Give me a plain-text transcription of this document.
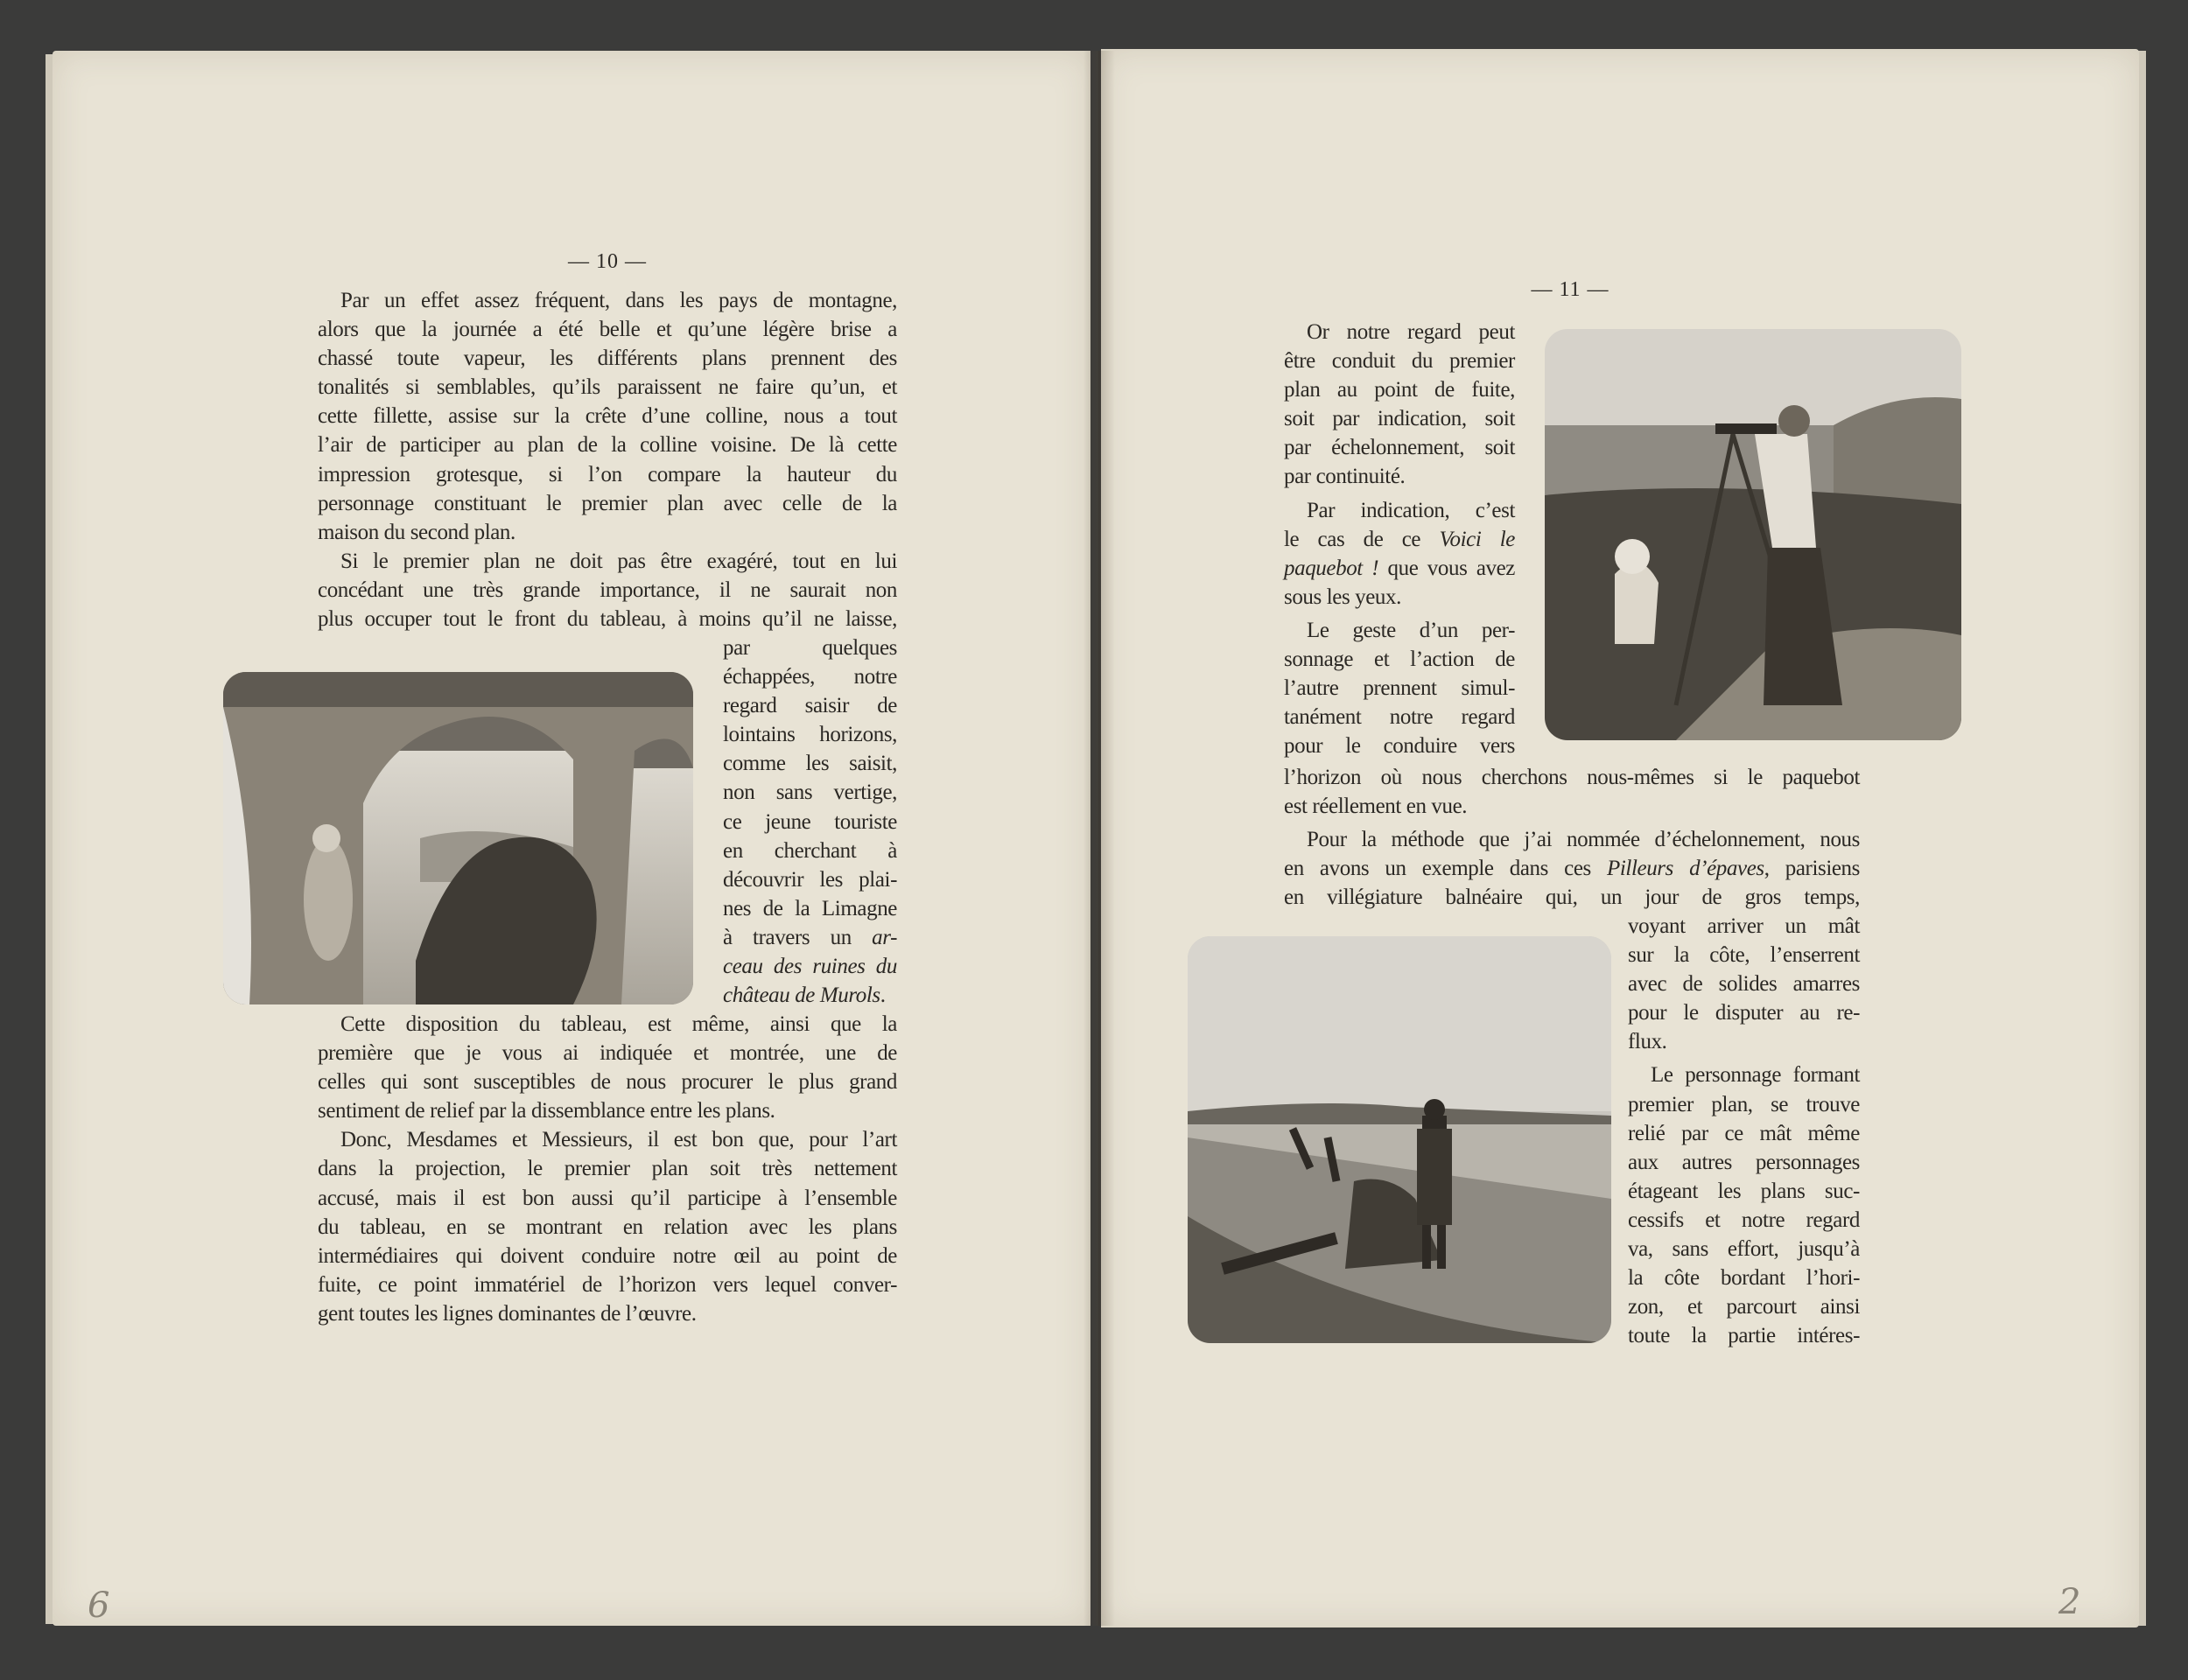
— 10 —
Par un effet assez fréquent, dans les pays de montagne,
alors que la journée a été belle et qu’une légère brise a
chassé toute vapeur, les différents plans prennent des
tonalités si semblables, qu’ils paraissent ne faire qu’un, et
cette fillette, assise sur la crête d’une colline, nous a tout
l’air de participer au plan de la colline voisine. De là cette
impression grotesque, si l’on compare la hauteur du
personnage constituant le premier plan avec celle de la
maison du second plan.
Si le premier plan ne doit pas être exagéré, tout en lui
concédant une très grande importance, il ne saurait non
plus occuper tout le front du tableau, à moins qu’il ne laisse,
par quelques
échappées, notre
regard saisir de
lointains horizons,
comme les saisit,
non sans vertige,
ce jeune touriste
en cherchant à
découvrir les plai-
nes de la Limagne
à travers un ar-
ceau des ruines du
château de Murols.
Cette disposition du tableau, est même, ainsi que la
première que je vous ai indiquée et montrée, une de
celles qui sont susceptibles de nous procurer le plus grand
sentiment de relief par la dissemblance entre les plans.
Donc, Mesdames et Messieurs, il est bon que, pour l’art
dans la projection, le premier plan soit très nettement
accusé, mais il est bon aussi qu’il participe à l’ensemble
du tableau, en se montrant en relation avec les plans
intermédiaires qui doivent conduire notre œil au point de
fuite, ce point immatériel de l’horizon vers lequel conver-
gent toutes les lignes dominantes de l’œuvre.
6
— 11 —
Or notre regard peut
être conduit du premier
plan au point de fuite,
soit par indication, soit
par échelonnement, soit
par continuité.
Par indication, c’est
le cas de ce Voici le
paquebot ! que vous avez
sous les yeux.
Le geste d’un per-
sonnage et l’action de
l’autre prennent simul-
tanément notre regard
pour le conduire vers
l’horizon où nous cherchons nous-mêmes si le paquebot
est réellement en vue.
Pour la méthode que j’ai nommée d’échelonnement, nous
en avons un exemple dans ces Pilleurs d’épaves, parisiens
en villégiature balnéaire qui, un jour de gros temps,
voyant arriver un mât
sur la côte, l’enserrent
avec de solides amarres
pour le disputer au re-
flux.
Le personnage formant
premier plan, se trouve
relié par ce mât même
aux autres personnages
étageant les plans suc-
cessifs et notre regard
va, sans effort, jusqu’à
la côte bordant l’hori-
zon, et parcourt ainsi
toute la partie intéres-
2
